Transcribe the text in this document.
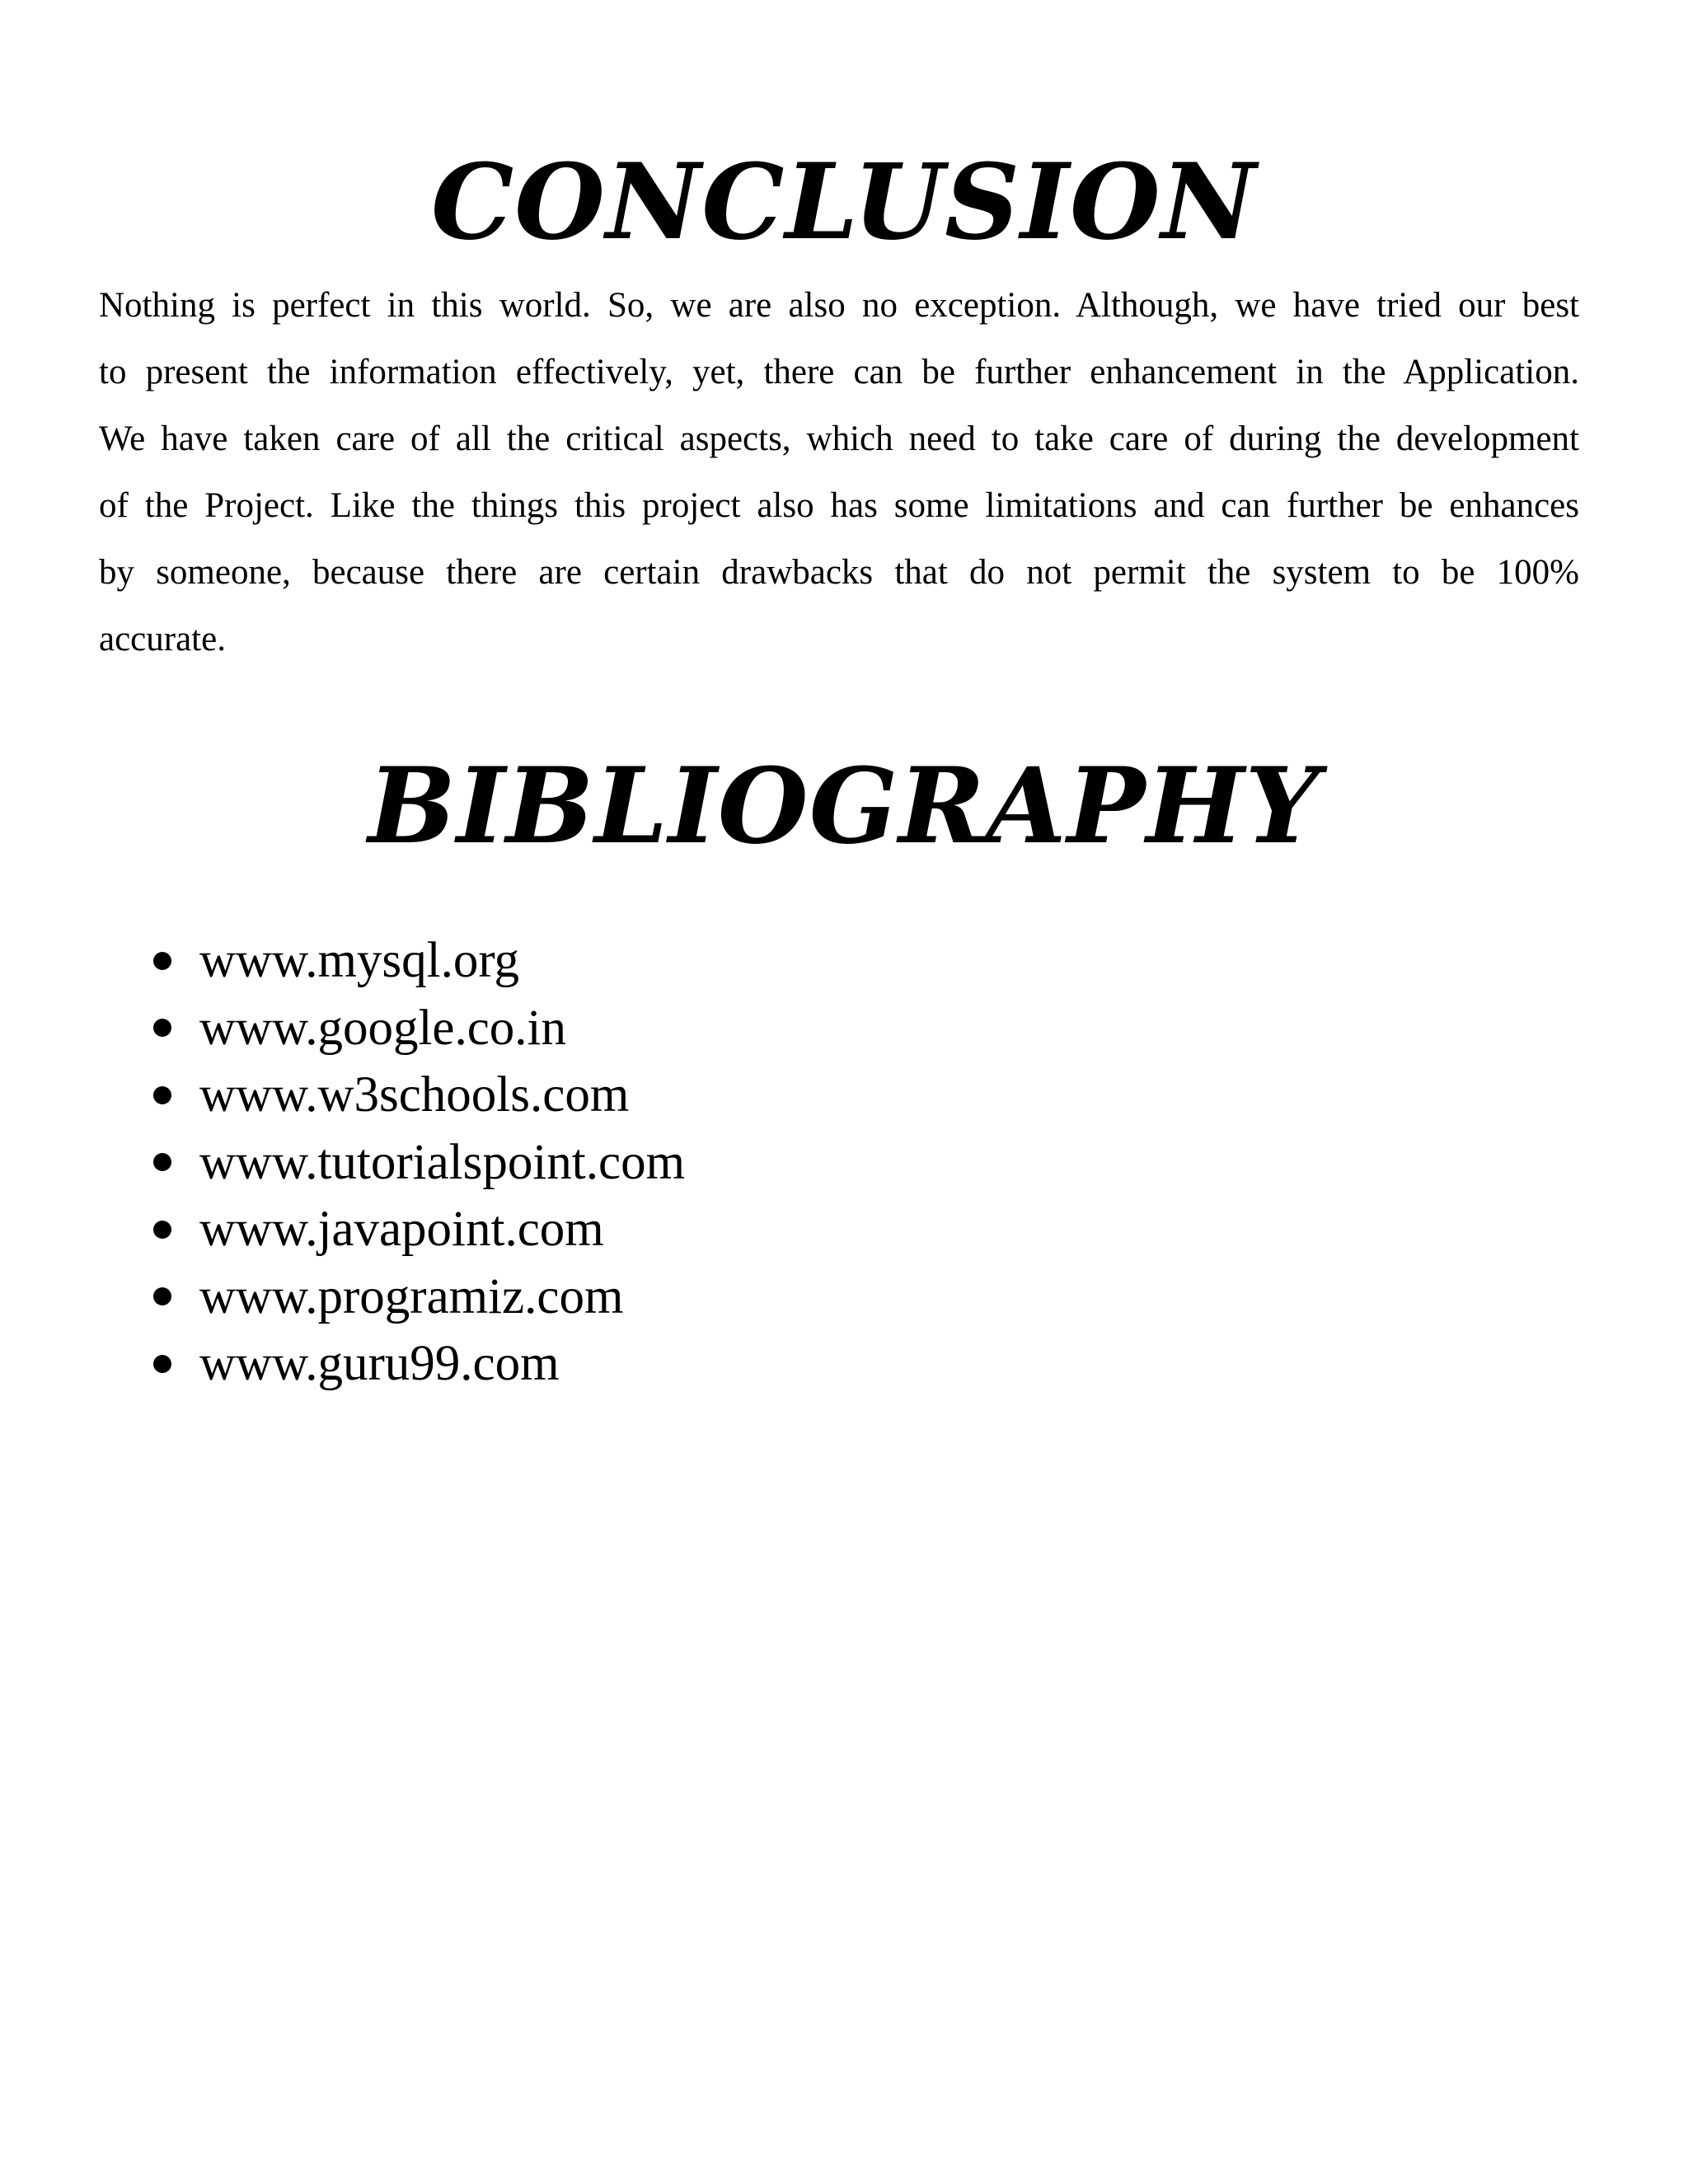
CONCLUSION
Nothing is perfect in this world. So, we are also no exception. Although, we have tried our best
to present the information effectively, yet, there can be further enhancement in the Application.
We have taken care of all the critical aspects, which need to take care of during the development
of the Project. Like the things this project also has some limitations and can further be enhances
by someone, because there are certain drawbacks that do not permit the system to be 100%
accurate.
BIBLIOGRAPHY
www.mysql.org
www.google.co.in
www.w3schools.com
www.tutorialspoint.com
www.javapoint.com
www.programiz.com
www.guru99.com
